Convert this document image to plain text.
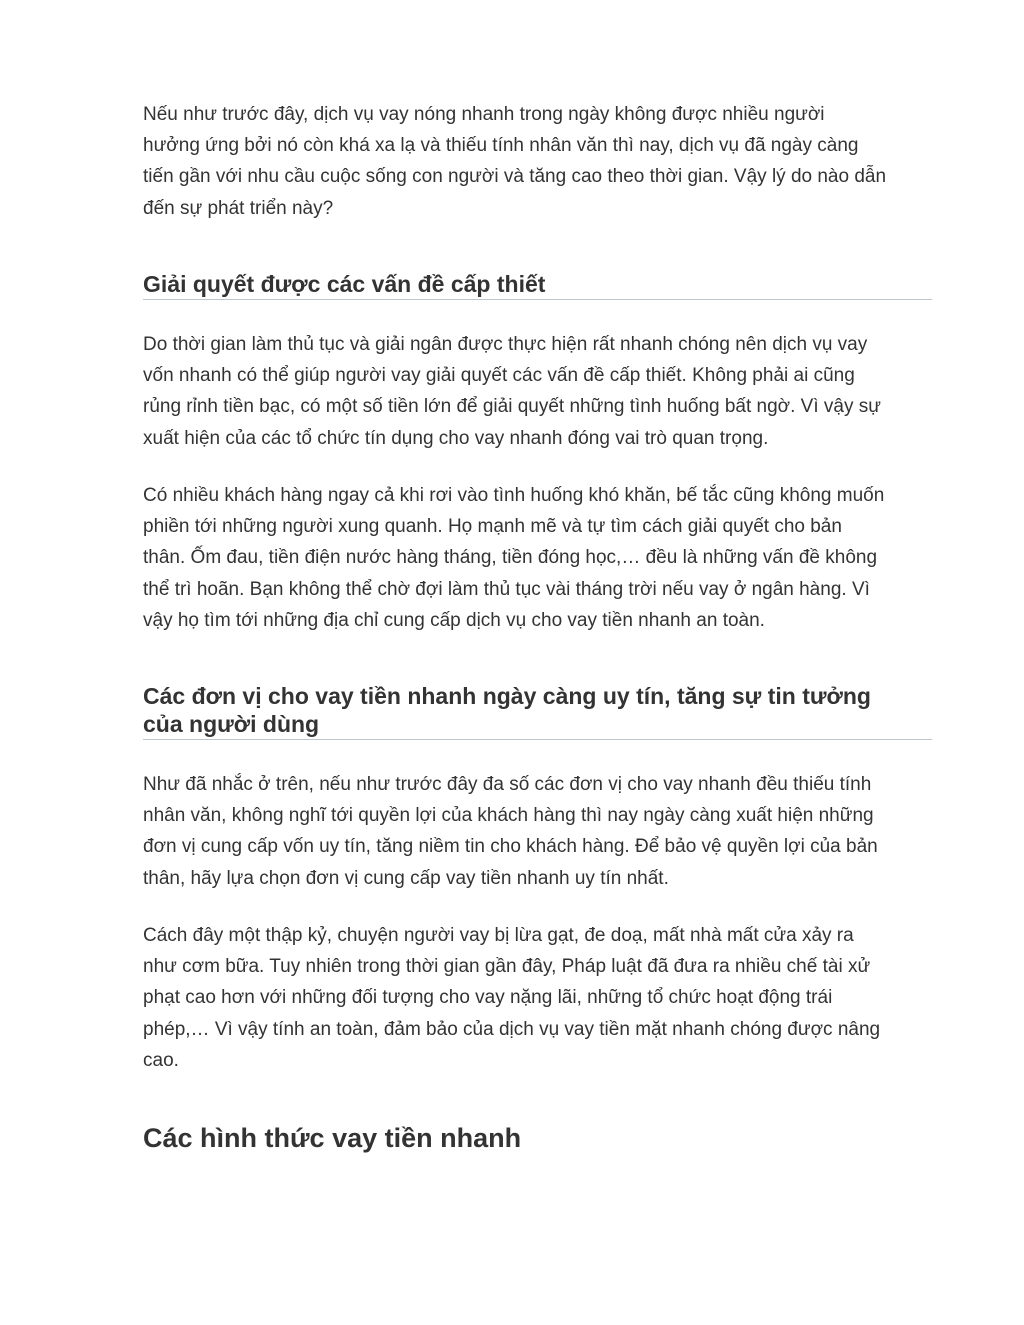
Nếu như trước đây, dịch vụ vay nóng nhanh trong ngày không được nhiều người
hưởng ứng bởi nó còn khá xa lạ và thiếu tính nhân văn thì nay, dịch vụ đã ngày càng
tiến gần với nhu cầu cuộc sống con người và tăng cao theo thời gian. Vậy lý do nào dẫn
đến sự phát triển này?

Giải quyết được các vấn đề cấp thiết

Do thời gian làm thủ tục và giải ngân được thực hiện rất nhanh chóng nên dịch vụ vay
vốn nhanh có thể giúp người vay giải quyết các vấn đề cấp thiết. Không phải ai cũng
rủng rỉnh tiền bạc, có một số tiền lớn để giải quyết những tình huống bất ngờ. Vì vậy sự
xuất hiện của các tổ chức tín dụng cho vay nhanh đóng vai trò quan trọng.

Có nhiều khách hàng ngay cả khi rơi vào tình huống khó khăn, bế tắc cũng không muốn
phiền tới những người xung quanh. Họ mạnh mẽ và tự tìm cách giải quyết cho bản
thân. Ốm đau, tiền điện nước hàng tháng, tiền đóng học,… đều là những vấn đề không
thể trì hoãn. Bạn không thể chờ đợi làm thủ tục vài tháng trời nếu vay ở ngân hàng. Vì
vậy họ tìm tới những địa chỉ cung cấp dịch vụ cho vay tiền nhanh an toàn.

Các đơn vị cho vay tiền nhanh ngày càng uy tín, tăng sự tin tưởng
của người dùng

Như đã nhắc ở trên, nếu như trước đây đa số các đơn vị cho vay nhanh đều thiếu tính
nhân văn, không nghĩ tới quyền lợi của khách hàng thì nay ngày càng xuất hiện những
đơn vị cung cấp vốn uy tín, tăng niềm tin cho khách hàng. Để bảo vệ quyền lợi của bản
thân, hãy lựa chọn đơn vị cung cấp vay tiền nhanh uy tín nhất.

Cách đây một thập kỷ, chuyện người vay bị lừa gạt, đe doạ, mất nhà mất cửa xảy ra
như cơm bữa. Tuy nhiên trong thời gian gần đây, Pháp luật đã đưa ra nhiều chế tài xử
phạt cao hơn với những đối tượng cho vay nặng lãi, những tổ chức hoạt động trái
phép,… Vì vậy tính an toàn, đảm bảo của dịch vụ vay tiền mặt nhanh chóng được nâng
cao.

Các hình thức vay tiền nhanh
